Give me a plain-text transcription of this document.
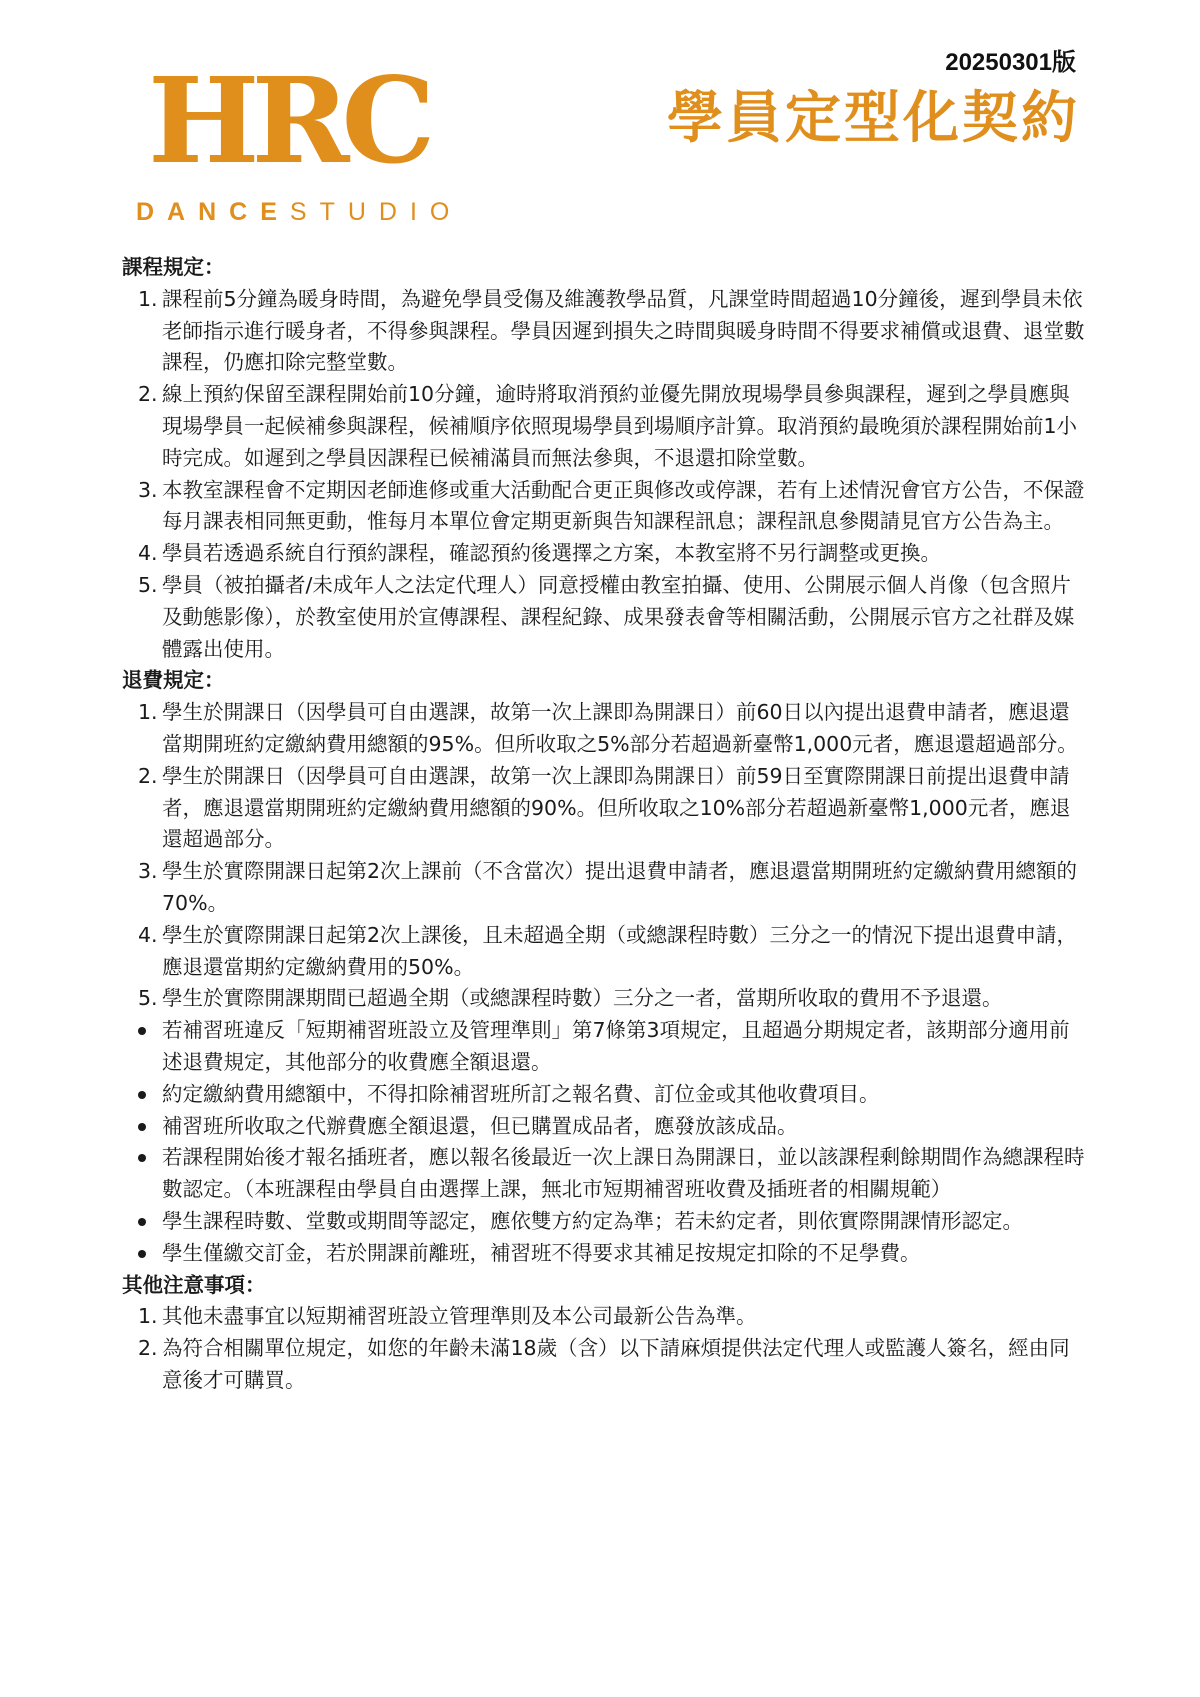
20250301版
HRC
DANCESTUDIO
學員定型化契約
課程規定：
1. 課程前5分鐘為暖身時間，為避免學員受傷及維護教學品質，凡課堂時間超過10分鐘後，遲到學員未依老師指示進行暖身者，不得參與課程。學員因遲到損失之時間與暖身時間不得要求補償或退費、退堂數課程，仍應扣除完整堂數。
2. 線上預約保留至課程開始前10分鐘，逾時將取消預約並優先開放現場學員參與課程，遲到之學員應與現場學員一起候補參與課程，候補順序依照現場學員到場順序計算。取消預約最晚須於課程開始前1小時完成。如遲到之學員因課程已候補滿員而無法參與，不退還扣除堂數。
3. 本教室課程會不定期因老師進修或重大活動配合更正與修改或停課，若有上述情況會官方公告，不保證每月課表相同無更動，惟每月本單位會定期更新與告知課程訊息；課程訊息參閱請見官方公告為主。
4. 學員若透過系統自行預約課程，確認預約後選擇之方案，本教室將不另行調整或更換。
5. 學員（被拍攝者/未成年人之法定代理人）同意授權由教室拍攝、使用、公開展示個人肖像（包含照片及動態影像），於教室使用於宣傳課程、課程紀錄、成果發表會等相關活動，公開展示官方之社群及媒體露出使用。
退費規定：
1. 學生於開課日（因學員可自由選課，故第一次上課即為開課日）前60日以內提出退費申請者，應退還當期開班約定繳納費用總額的95%。但所收取之5%部分若超過新臺幣1,000元者，應退還超過部分。
2. 學生於開課日（因學員可自由選課，故第一次上課即為開課日）前59日至實際開課日前提出退費申請者，應退還當期開班約定繳納費用總額的90%。但所收取之10%部分若超過新臺幣1,000元者，應退還超過部分。
3. 學生於實際開課日起第2次上課前（不含當次）提出退費申請者，應退還當期開班約定繳納費用總額的70%。
4. 學生於實際開課日起第2次上課後，且未超過全期（或總課程時數）三分之一的情況下提出退費申請，應退還當期約定繳納費用的50%。
5. 學生於實際開課期間已超過全期（或總課程時數）三分之一者，當期所收取的費用不予退還。
若補習班違反「短期補習班設立及管理準則」第7條第3項規定，且超過分期規定者，該期部分適用前述退費規定，其他部分的收費應全額退還。
約定繳納費用總額中，不得扣除補習班所訂之報名費、訂位金或其他收費項目。
補習班所收取之代辦費應全額退還，但已購置成品者，應發放該成品。
若課程開始後才報名插班者，應以報名後最近一次上課日為開課日，並以該課程剩餘期間作為總課程時數認定。（本班課程由學員自由選擇上課，無北市短期補習班收費及插班者的相關規範）
學生課程時數、堂數或期間等認定，應依雙方約定為準；若未約定者，則依實際開課情形認定。
學生僅繳交訂金，若於開課前離班，補習班不得要求其補足按規定扣除的不足學費。
其他注意事項：
1. 其他未盡事宜以短期補習班設立管理準則及本公司最新公告為準。
2. 為符合相關單位規定，如您的年齡未滿18歲（含）以下請麻煩提供法定代理人或監護人簽名，經由同意後才可購買。
